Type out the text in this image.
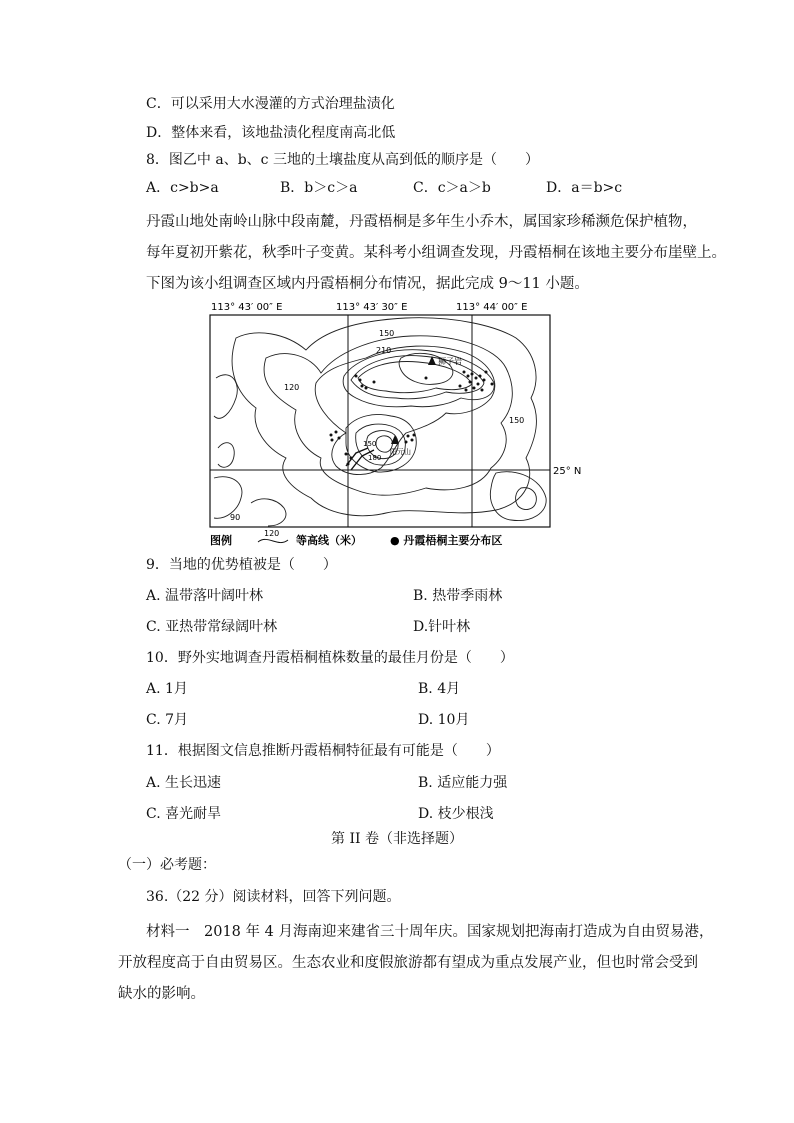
C．可以采用大水漫灌的方式治理盐渍化
D．整体来看，该地盐渍化程度南高北低
8．图乙中 a、b、c 三地的土壤盐度从高到低的顺序是（　　）
A．c>b>a	B．b＞c＞a	C．c＞a＞b	D．a＝b>c
丹霞山地处南岭山脉中段南麓，丹霞梧桐是多年生小乔木，属国家珍稀濒危保护植物，
每年夏初开紫花，秋季叶子变黄。某科考小组调查发现，丹霞梧桐在该地主要分布崖壁上。
下图为该小组调查区域内丹霞梧桐分布情况，据此完成 9～11 小题。
113° 43′ 00″ E	113° 43′ 30″ E	113° 44′ 00″ E
25° N
150
210
120
150
150
180
90
狮子岩
阳元山
图例
120
等高线（米）	● 丹霞梧桐主要分布区
9．当地的优势植被是（　　）
A. 温带落叶阔叶林	B. 热带季雨林
C. 亚热带常绿阔叶林	D.针叶林
10．野外实地调查丹霞梧桐植株数量的最佳月份是（　　）
A. 1月	B. 4月
C. 7月	D. 10月
11．根据图文信息推断丹霞梧桐特征最有可能是（　　）
A. 生长迅速	B. 适应能力强
C. 喜光耐旱	D. 枝少根浅
第 II 卷（非选择题）
（一）必考题：
36.（22 分）阅读材料，回答下列问题。
材料一　2018 年 4 月海南迎来建省三十周年庆。国家规划把海南打造成为自由贸易港，
开放程度高于自由贸易区。生态农业和度假旅游都有望成为重点发展产业，但也时常会受到
缺水的影响。
